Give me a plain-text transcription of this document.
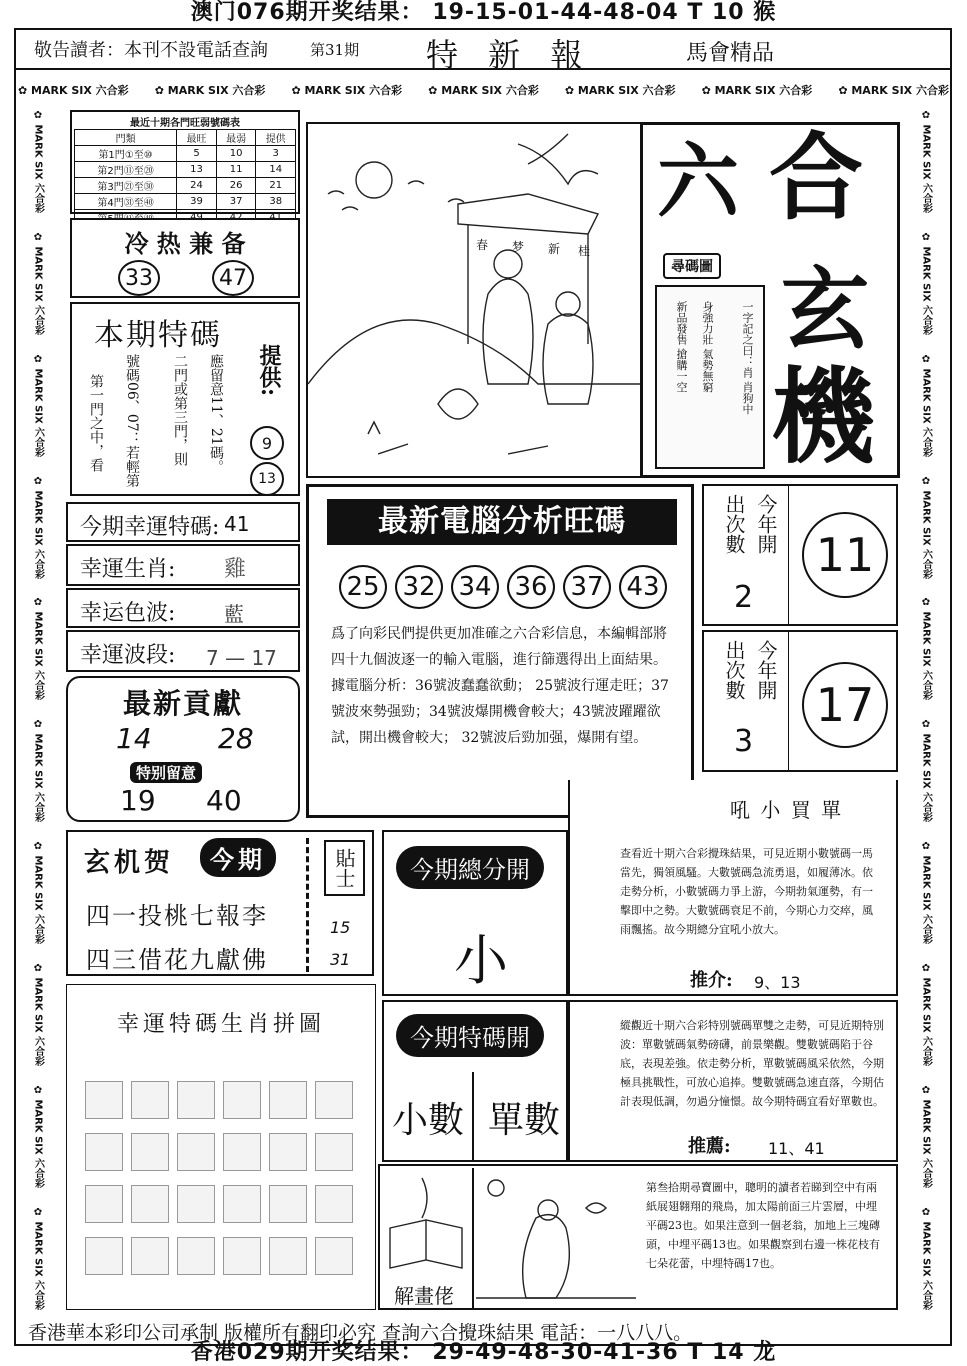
澳门076期开奖结果： 19-15-01-44-48-04 T 10 猴
敬告讀者：本刊不設電話查詢	第31期 特 新 報	馬會精品
✿ MARK SIX 六合彩 ✿ MARK SIX 六合彩 ✿ MARK SIX 六合彩 ✿ MARK SIX 六合彩 ✿ MARK SIX 六合彩 ✿ MARK SIX 六合彩 ✿ MARK SIX 六合彩
✿ MARK SIX 六合彩
✿ MARK SIX 六合彩
✿ MARK SIX 六合彩
✿ MARK SIX 六合彩
✿ MARK SIX 六合彩
✿ MARK SIX 六合彩
✿ MARK SIX 六合彩
✿ MARK SIX 六合彩
✿ MARK SIX 六合彩
✿ MARK SIX 六合彩
✿ MARK SIX 六合彩
✿ MARK SIX 六合彩
✿ MARK SIX 六合彩
✿ MARK SIX 六合彩
✿ MARK SIX 六合彩
✿ MARK SIX 六合彩
✿ MARK SIX 六合彩
✿ MARK SIX 六合彩
✿ MARK SIX 六合彩
✿ MARK SIX 六合彩
最近十期各門旺弱號碼表
門類	最旺	最弱	提供
第1門①至⑩	5	10	3
第2門⑪至⑳	13	11	14
第3門㉑至㉚	24	26	21
第4門㉛至㊵	39	37	38

冷 热 兼 备
33	47
本期特碼
應留意11、21碼。
二門或第三門，則
號碼06、07：若輕第
第一門之中，看
提供:
9
13
今期幸運特碼: 41
幸運生肖: 雞
幸运色波: 藍
幸運波段: 7 — 17
最新貢獻
14 28
特别留意
19 40
春 梦 新 桂
六 合
玄
機
尋碼圖
一字記之曰：肖 肖狗中
身強力壯 氣勢無窮
新品發售 搶購一空
最新電腦分析旺碼
25 32 34 36 37 43
爲了向彩民們提供更加准確之六合彩信息，本編輯部將四十九個波逐一的輸入電腦，進行篩選得出上面結果。據電腦分析：36號波蠢蠢欲動； 25號波行運走旺；37號波來勢强勁；34號波爆開機會較大；43號波躍躍欲試，開出機會較大； 32號波后勁加强，爆開有望。
出次數 今年開
2
11
出次數 今年開
3
17
玄机贺	今期
四一投桃七報李
四三借花九獻佛
貼士
15
31
今期總分開
小
吼 小 買 單
查看近十期六合彩攪珠結果，可見近期小數號碼一馬當先，獨領風騷。大數號碼急流勇退，如履薄冰。依走勢分析，小數號碼力爭上游，今期勃氣運勢，有一擊即中之勢。大數號碼衰足不前，今期心力交瘁，風雨飄搖。故今期總分宜吼小放大。
推介: 9、13
今期特碼開
小數 單數
縱觀近十期六合彩特別號碼單雙之走勢，可見近期特別波：單數號碼氣勢磅礴，前景樂觀。雙數號碼陷于谷底，表現差強。依走勢分析，單數號碼風采依然，今期極具挑戰性，可放心追捧。雙數號碼急速直落，今期估計表現低調，勿過分憧憬。故今期特碼宜看好單數也。
推薦: 11、41
幸運特碼生肖拼圖
解畫佬
第叁拾期尋寶圖中，聰明的讀者若睇到空中有兩紙展翅翱翔的飛鳥，加太陽前面三片雲層，中埋平碼23也。如果注意到一個老翁，加地上三塊磚頭，中埋平碼13也。如果觀察到右邊一株花枝有七朵花蕾，中埋特碼17也。
香港華本彩印公司承制 版權所有翻印必究 查詢六合攪珠結果 電話：一八八八。
香港029期开奖结果： 29-49-48-30-41-36 T 14 龙
